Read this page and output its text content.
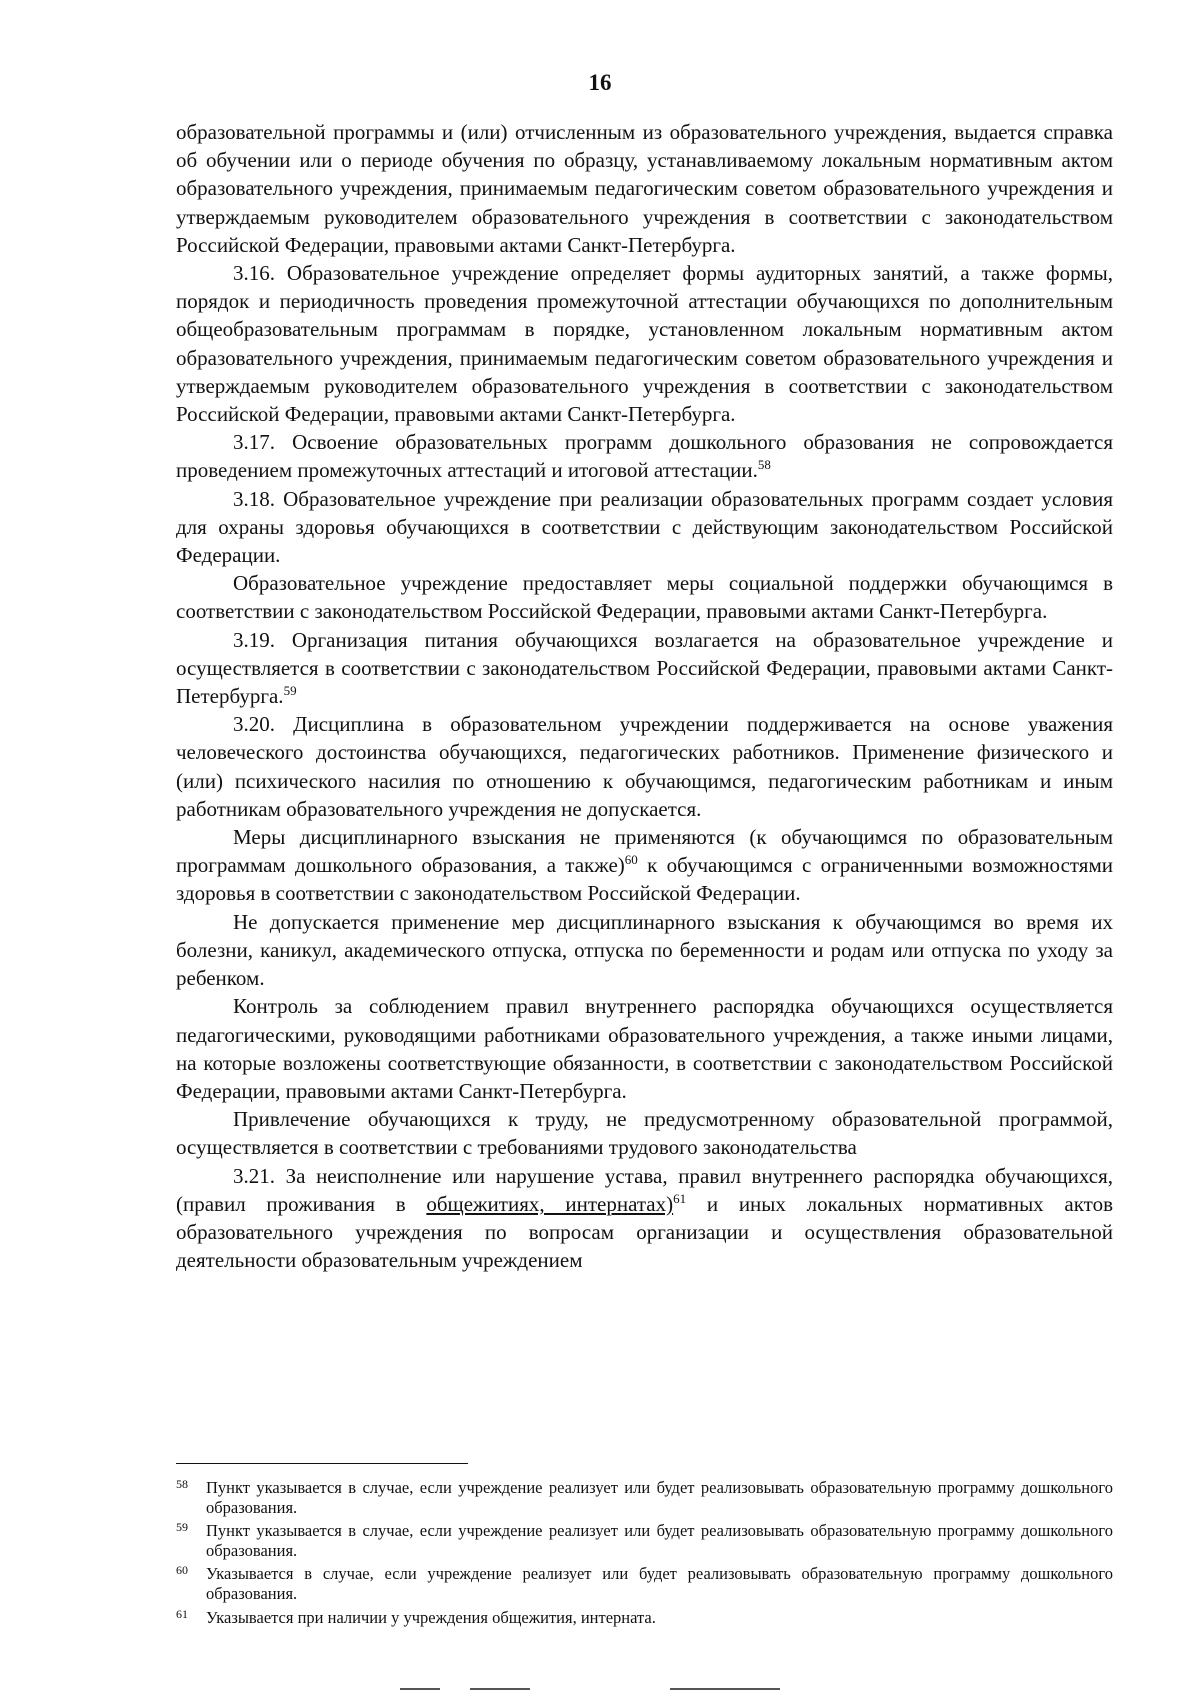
16

образовательной программы и (или) отчисленным из образовательного учреждения, выдается справка об обучении или о периоде обучения по образцу, устанавливаемому локальным нормативным актом образовательного учреждения, принимаемым педагогическим советом образовательного учреждения и утверждаемым руководителем образовательного учреждения в соответствии с законодательством Российской Федерации, правовыми актами Санкт-Петербурга.

3.16. Образовательное учреждение определяет формы аудиторных занятий, а также формы, порядок и периодичность проведения промежуточной аттестации обучающихся по дополнительным общеобразовательным программам в порядке, установленном локальным нормативным актом образовательного учреждения, принимаемым педагогическим советом образовательного учреждения и утверждаемым руководителем образовательного учреждения в соответствии с законодательством Российской Федерации, правовыми актами Санкт-Петербурга.

3.17. Освоение образовательных программ дошкольного образования не сопровождается проведением промежуточных аттестаций и итоговой аттестации.$^{58}$

3.18. Образовательное учреждение при реализации образовательных программ создает условия для охраны здоровья обучающихся в соответствии с действующим законодательством Российской Федерации.

Образовательное учреждение предоставляет меры социальной поддержки обучающимся в соответствии с законодательством Российской Федерации, правовыми актами Санкт-Петербурга.

3.19. Организация питания обучающихся возлагается на образовательное учреждение и осуществляется в соответствии с законодательством Российской Федерации, правовыми актами Санкт-Петербурга.$^{59}$

3.20. Дисциплина в образовательном учреждении поддерживается на основе уважения человеческого достоинства обучающихся, педагогических работников. Применение физического и (или) психического насилия по отношению к обучающимся, педагогическим работникам и иным работникам образовательного учреждения не допускается.

Меры дисциплинарного взыскания не применяются (к обучающимся по образовательным программам дошкольного образования, а также)$^{60}$ к обучающимся с ограниченными возможностями здоровья в соответствии с законодательством Российской Федерации.

Не допускается применение мер дисциплинарного взыскания к обучающимся во время их болезни, каникул, академического отпуска, отпуска по беременности и родам или отпуска по уходу за ребенком.

Контроль за соблюдением правил внутреннего распорядка обучающихся осуществляется педагогическими, руководящими работниками образовательного учреждения, а также иными лицами, на которые возложены соответствующие обязанности, в соответствии с законодательством Российской Федерации, правовыми актами Санкт-Петербурга.

Привлечение обучающихся к труду, не предусмотренному образовательной программой, осуществляется в соответствии с требованиями трудового законодательства

3.21. За неисполнение или нарушение устава, правил внутреннего распорядка обучающихся, (правил проживания в общежитиях, интернатах)$^{61}$ и иных локальных нормативных актов образовательного учреждения по вопросам организации и осуществления образовательной деятельности образовательным учреждением

58 Пункт указывается в случае, если учреждение реализует или будет реализовывать образовательную программу дошкольного образования.
59 Пункт указывается в случае, если учреждение реализует или будет реализовывать образовательную программу дошкольного образования.
60 Указывается в случае, если учреждение реализует или будет реализовывать образовательную программу дошкольного образования.
61 Указывается при наличии у учреждения общежития, интерната.
